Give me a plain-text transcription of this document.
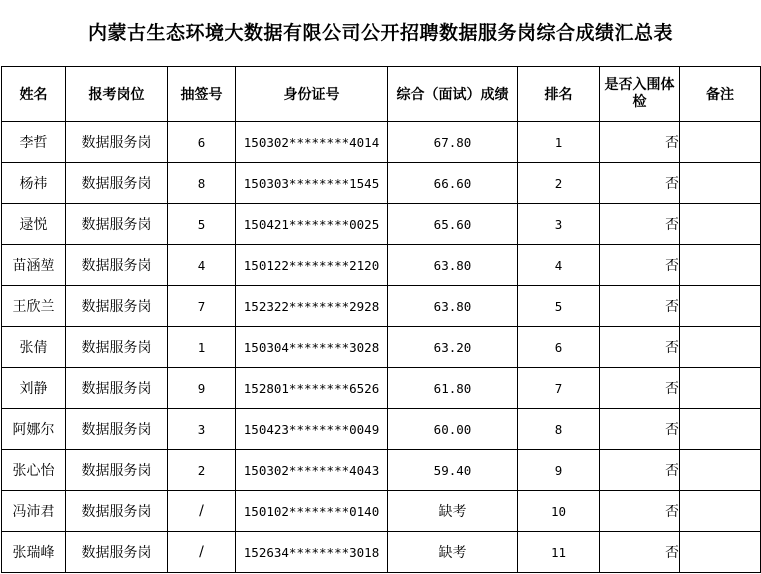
内蒙古生态环境大数据有限公司公开招聘数据服务岗综合成绩汇总表
姓名	报考岗位	抽签号	身份证号	综合（面试）成绩	排名	是否入围体检	备注
李哲	数据服务岗	6	150302********4014	67.80	1	否	
杨祎	数据服务岗	8	150303********1545	66.60	2	否	
逯悦	数据服务岗	5	150421********0025	65.60	3	否	
苗涵堃	数据服务岗	4	150122********2120	63.80	4	否	
王欣兰	数据服务岗	7	152322********2928	63.80	5	否	
张倩	数据服务岗	1	150304********3028	63.20	6	否	
刘静	数据服务岗	9	152801********6526	61.80	7	否	
阿娜尔	数据服务岗	3	150423********0049	60.00	8	否	
张心怡	数据服务岗	2	150302********4043	59.40	9	否	
冯沛君	数据服务岗	/	150102********0140	缺考	10	否	
张瑞峰	数据服务岗	/	152634********3018	缺考	11	否	
